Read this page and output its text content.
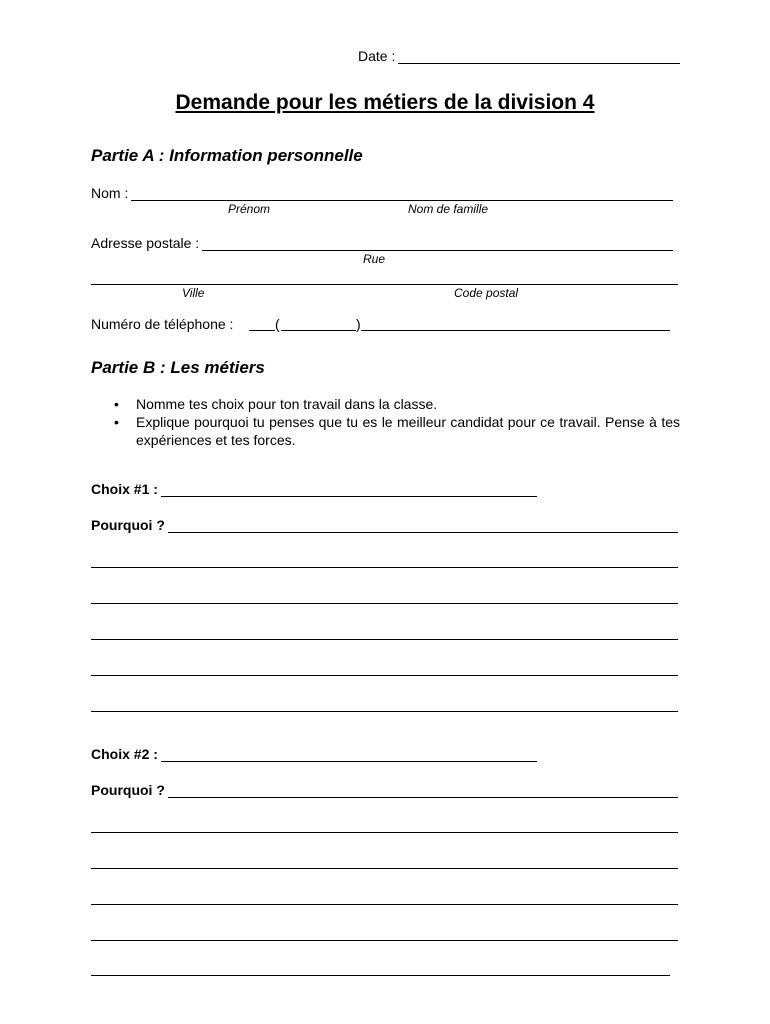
Date :
Demande pour les métiers de la division 4
Partie A : Information personnelle
Nom :
Prénom	Nom de famille
Adresse postale :
Rue
Ville	Code postal
Numéro de téléphone :	(	)
Partie B : Les métiers
•	Nomme tes choix pour ton travail dans la classe.
•	Explique pourquoi tu penses que tu es le meilleur candidat pour ce travail. Pense à tes expériences et tes forces.
Choix #1 :
Pourquoi ?
Choix #2 :
Pourquoi ?
